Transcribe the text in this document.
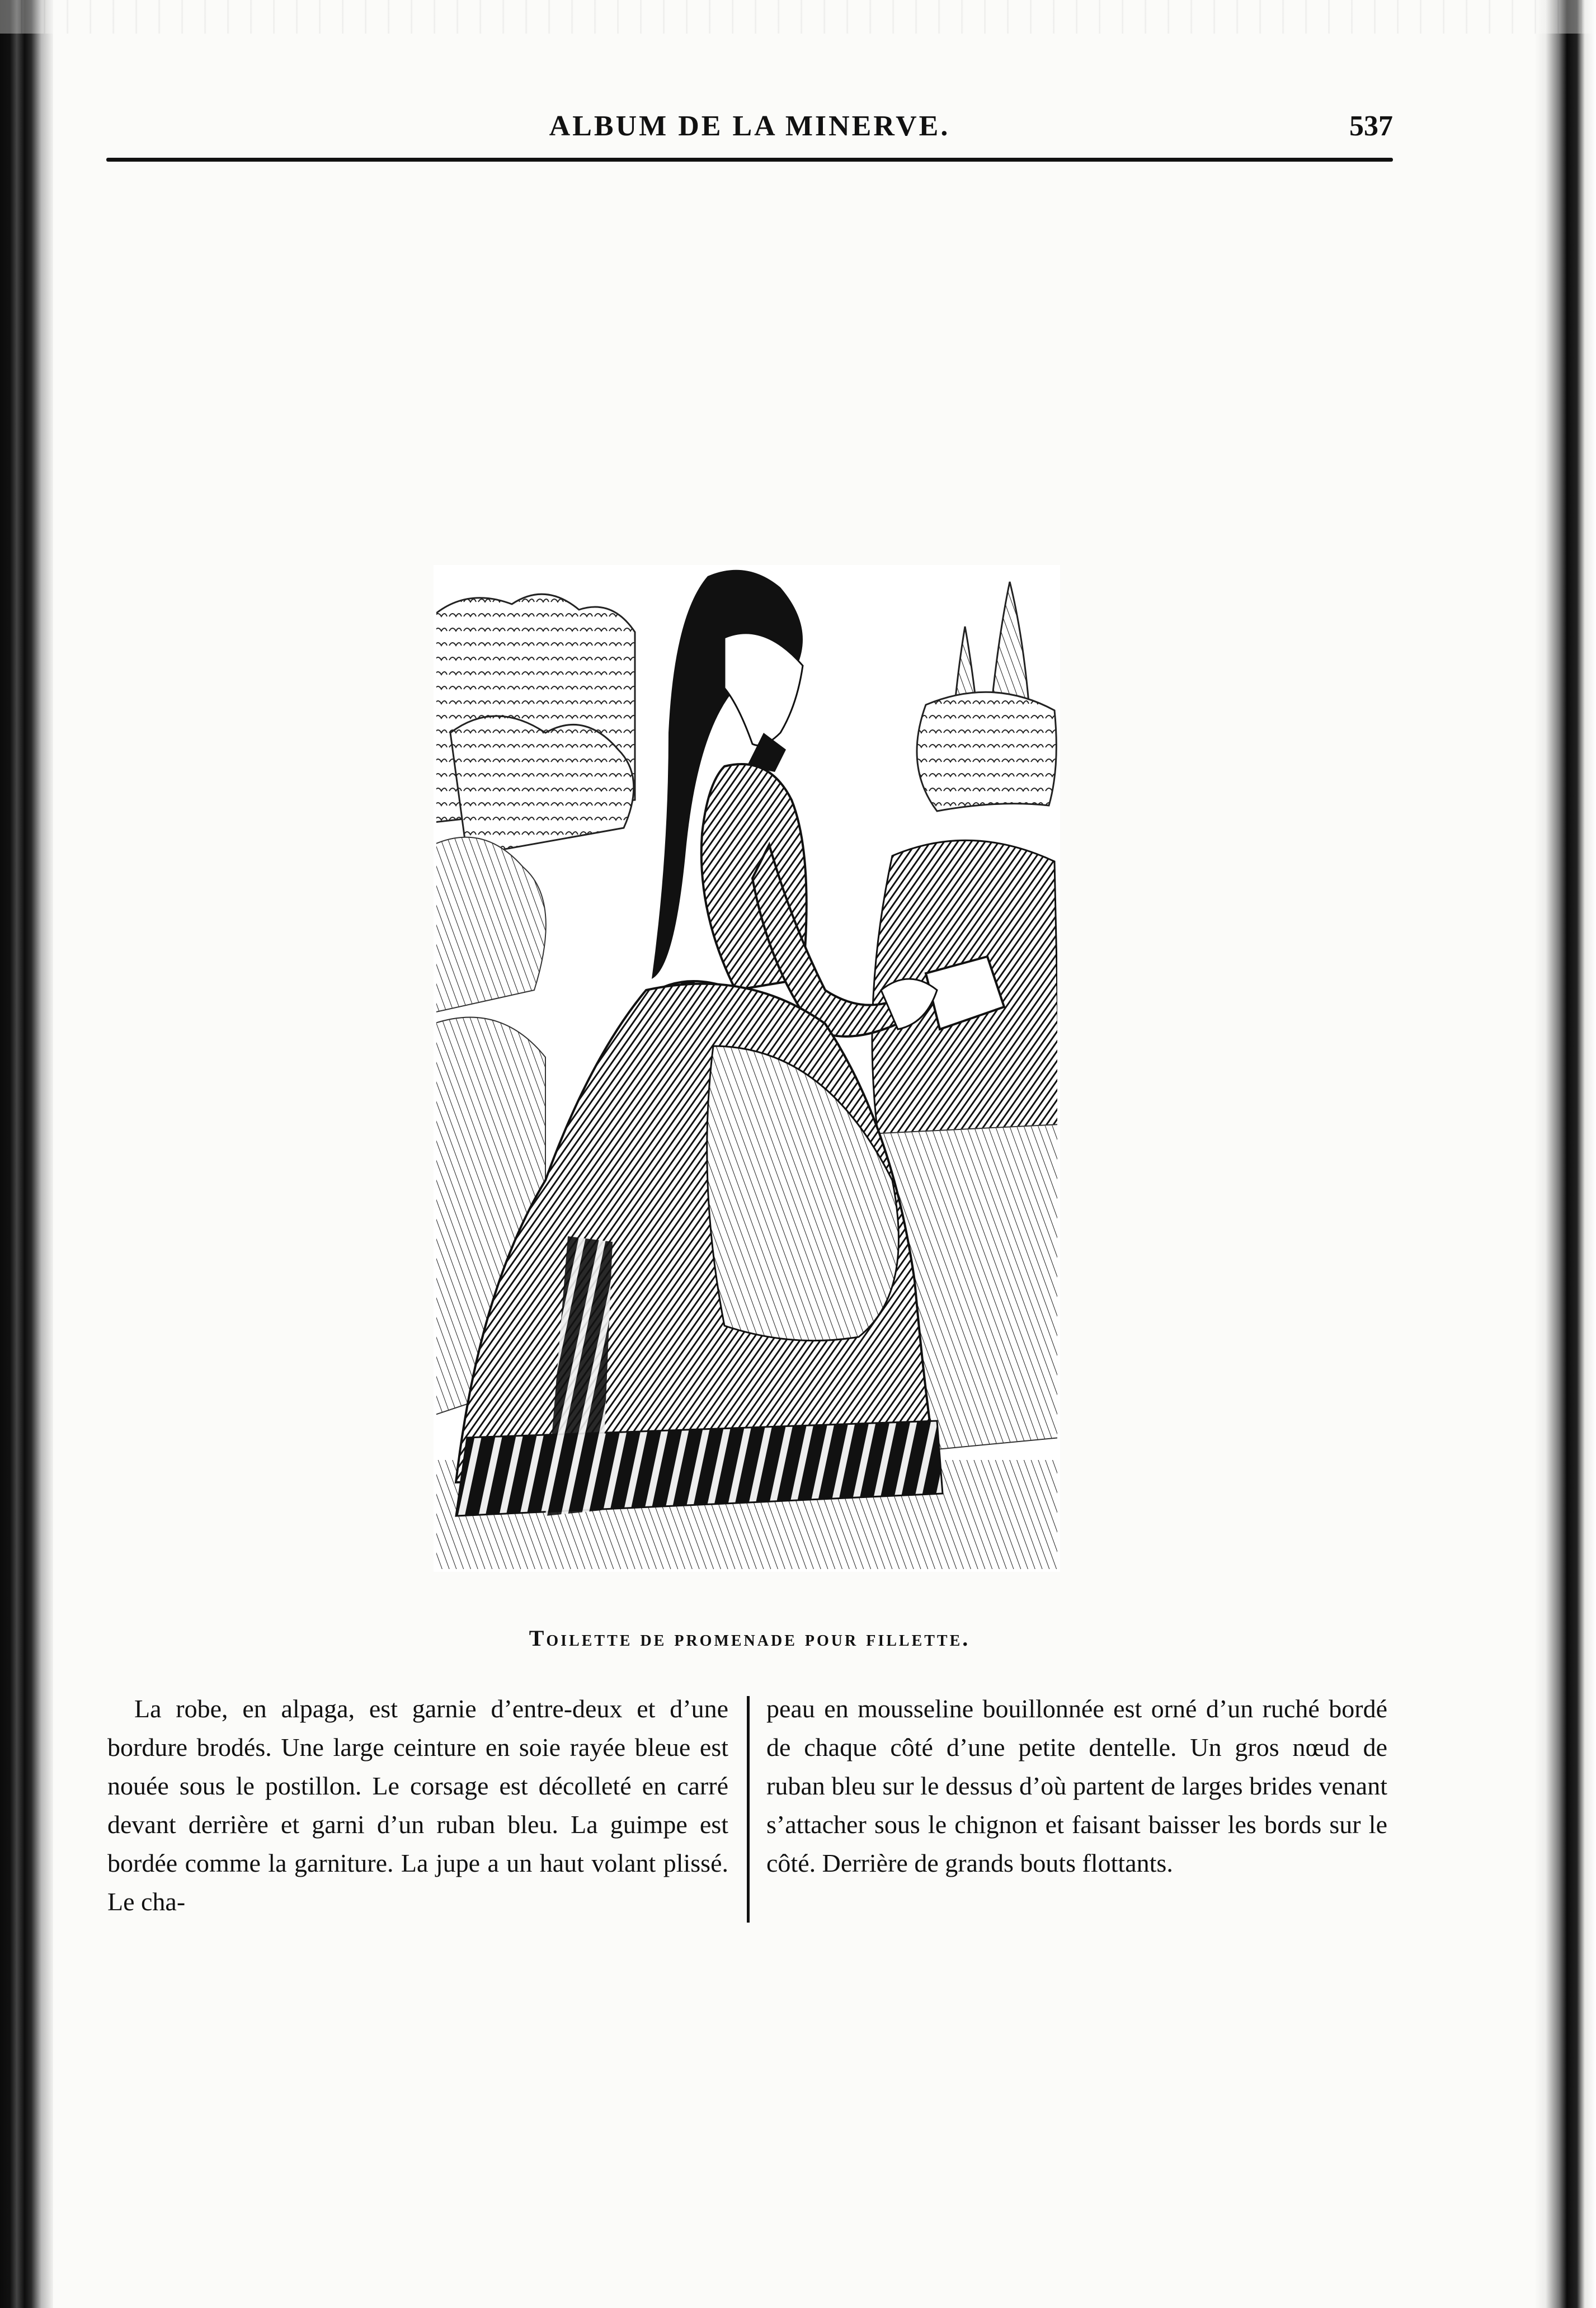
ALBUM DE LA MINERVE.	537
Toilette de promenade pour fillette.

La robe, en alpaga, est garnie d’entre-deux et d’une bordure brodés. Une large ceinture en soie rayée bleue est nouée sous le postillon. Le corsage est décolleté en carré devant derrière et garni d’un ruban bleu. La guimpe est bordée comme la garniture. La jupe a un haut volant plissé. Le cha-

peau en mousseline bouillonnée est orné d’un ruché bordé de chaque côté d’une petite dentelle. Un gros nœud de ruban bleu sur le dessus d’où partent de larges brides venant s’attacher sous le chignon et faisant baisser les bords sur le côté. Derrière de grands bouts flottants.
